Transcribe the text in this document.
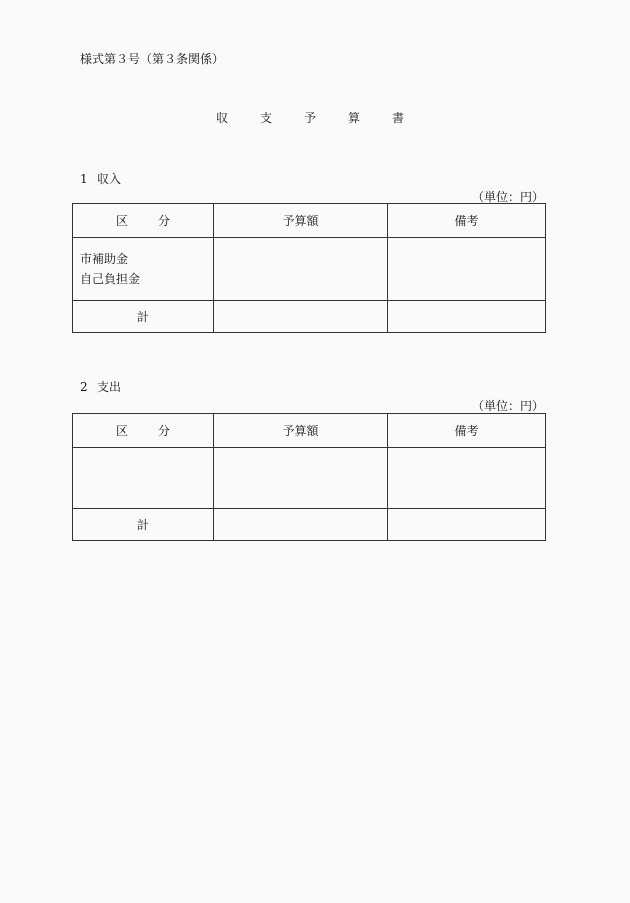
様式第３号（第３条関係）
収　支　予　算　書
1 収入
（単位：円）
区 分	予算額	備考

市補助金
自己負担金		

計		
2 支出
（単位：円）
区 分	予算額	備考

計		
